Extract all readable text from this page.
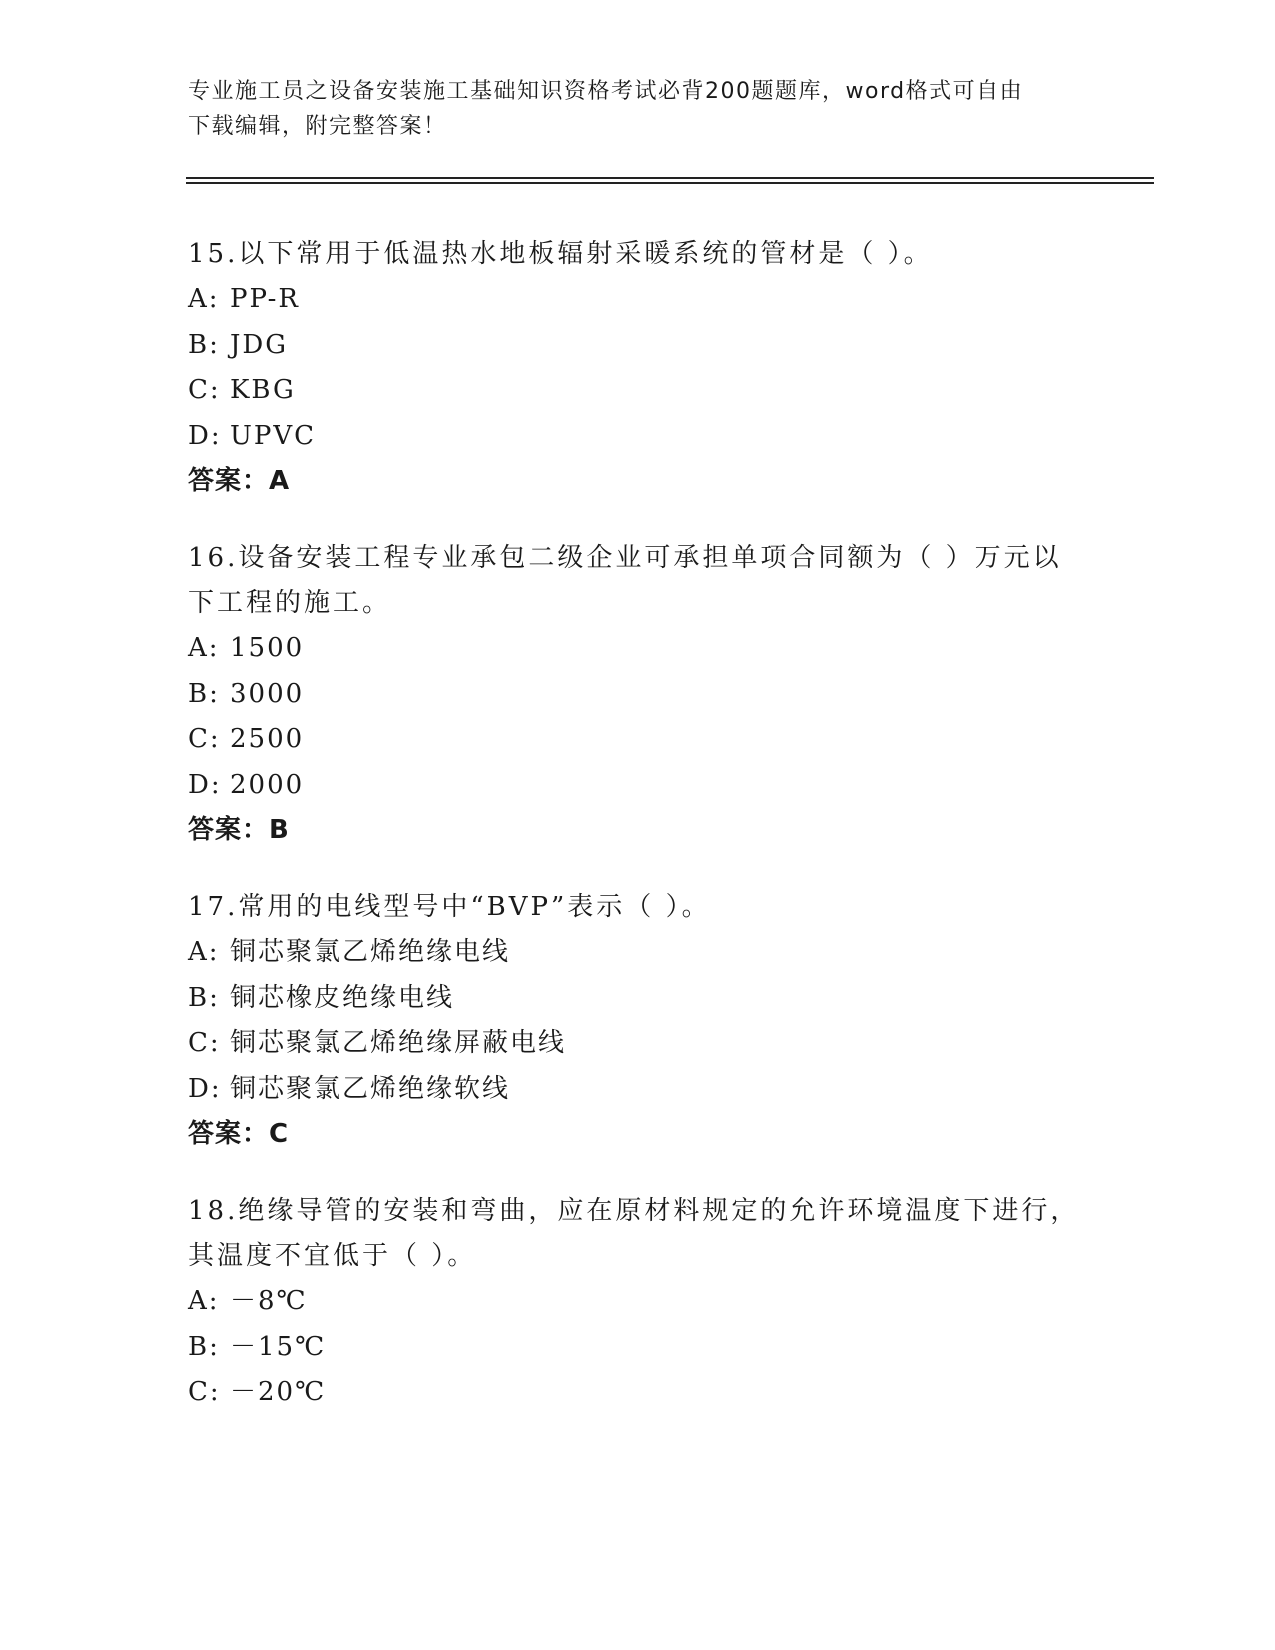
专业施工员之设备安装施工基础知识资格考试必背200题题库，word格式可自由
下载编辑，附完整答案！
15.以下常用于低温热水地板辐射采暖系统的管材是（ ）。
A: PP-R
B: JDG
C: KBG
D: UPVC
答案：A
16.设备安装工程专业承包二级企业可承担单项合同额为（ ）万元以
下工程的施工。
A: 1500
B: 3000
C: 2500
D: 2000
答案：B
17.常用的电线型号中“BVP”表示（ ）。
A: 铜芯聚氯乙烯绝缘电线
B: 铜芯橡皮绝缘电线
C: 铜芯聚氯乙烯绝缘屏蔽电线
D: 铜芯聚氯乙烯绝缘软线
答案：C
18.绝缘导管的安装和弯曲，应在原材料规定的允许环境温度下进行，
其温度不宜低于（ ）。
A: －8℃
B: －15℃
C: －20℃
